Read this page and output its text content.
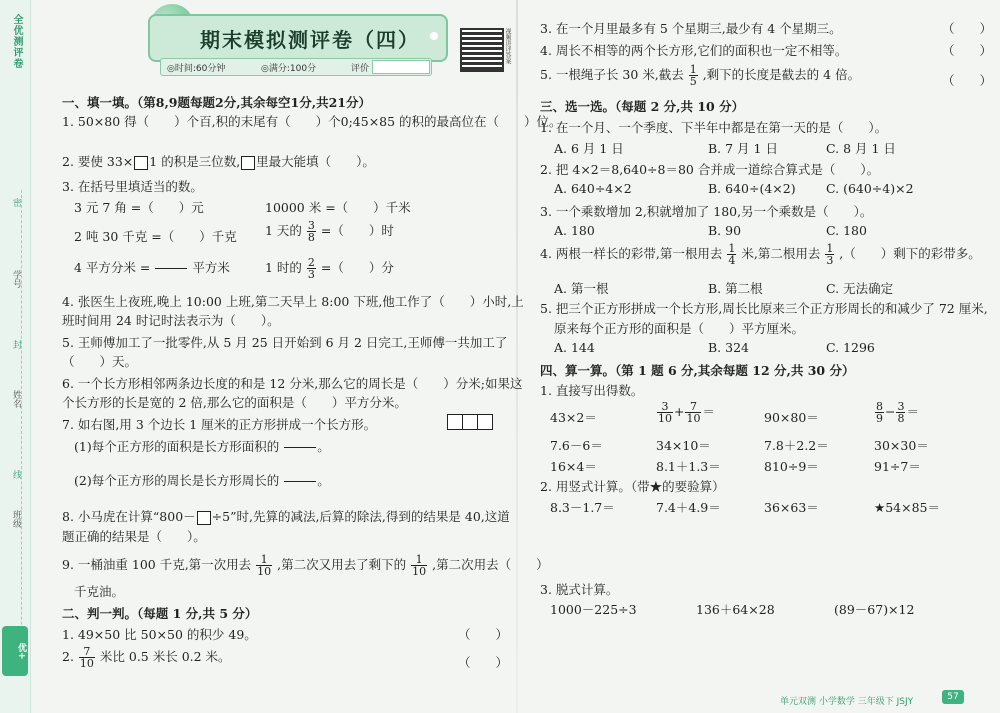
全优测评卷
学号
姓名
班级
密
封
线
优+
期末模拟测评卷（四）
◎时间:60分钟	◎满分:100分	评价
视频讲评答案
一、填一填。（第8,9题每题2分,其余每空1分,共21分）
1. 50×80 得（　　）个百,积的末尾有（　　）个0;45×85 的积的最高位在（　　）位。
2. 要使 33× 1 的积是三位数, 里最大能填（　　）。
3. 在括号里填适当的数。
3 元 7 角 =（　　）元	10000 米 =（　　）千米
2 吨 30 千克 =（　　）千克 1 天的 $\frac{3}{8}$ =（　　）时
4 平方分米 =	平方米	1 时的 $\frac{2}{3}$ =（　　）分
4. 张医生上夜班,晚上 10:00 上班,第二天早上 8:00 下班,他工作了（　　）小时,上
班时间用 24 时记时法表示为（　　）。
5. 王师傅加工了一批零件,从 5 月 25 日开始到 6 月 2 日完工,王师傅一共加工了
（　　）天。
6. 一个长方形相邻两条边长度的和是 12 分米,那么它的周长是（　　）分米;如果这
个长方形的长是宽的 2 倍,那么它的面积是（　　）平方分米。
7. 如右图,用 3 个边长 1 厘米的正方形拼成一个长方形。
(1)每个正方形的面积是长方形面积的	。
(2)每个正方形的周长是长方形周长的	。
8. 小马虎在计算“800－ ÷5”时,先算的减法,后算的除法,得到的结果是 40,这道
题正确的结果是（　　）。
9. 一桶油重 100 千克,第一次用去 $\frac{1}{10}$ ,第二次又用去了剩下的 $\frac{1}{10}$ ,第二次用去（　　）
千克油。
二、判一判。（每题 1 分,共 5 分）
1. 49×50 比 50×50 的积少 49。	（　　）
2. $\frac{7}{10}$ 米比 0.5 米长 0.2 米。	（　　）
3. 在一个月里最多有 5 个星期三,最少有 4 个星期三。	（　　）
4. 周长不相等的两个长方形,它们的面积也一定不相等。	（　　）
5. 一根绳子长 30 米,截去 $\frac{1}{5}$ ,剩下的长度是截去的 4 倍。	（　　）
三、选一选。（每题 2 分,共 10 分）
1. 在一个月、一个季度、下半年中都是在第一天的是（　　）。
A. 6 月 1 日	B. 7 月 1 日	C. 8 月 1 日
2. 把 4×2＝8,640÷8＝80 合并成一道综合算式是（　　）。
A. 640÷4×2	B. 640÷(4×2) C. (640÷4)×2
3. 一个乘数增加 2,积就增加了 180,另一个乘数是（　　）。
A. 180	B. 90	C. 180
4. 两根一样长的彩带,第一根用去 $\frac{1}{4}$ 米,第二根用去 $\frac{1}{3}$ ,（　　）剩下的彩带多。
A. 第一根	B. 第二根	C. 无法确定
5. 把三个正方形拼成一个长方形,周长比原来三个正方形周长的和减少了 72 厘米,
原来每个正方形的面积是（　　）平方厘米。
A. 144	B. 324	C. 1296
四、算一算。（第 1 题 6 分,其余每题 12 分,共 30 分）
1. 直接写出得数。
43×2＝	$\frac{3}{10} + \frac{7}{10}$ ＝	90×80＝	$\frac{8}{9} - \frac{3}{8}$ ＝
7.6－6＝	34×10＝	7.8＋2.2＝	30×30＝
16×4＝	8.1＋1.3＝	810÷9＝	91÷7＝
2. 用竖式计算。（带★的要验算）
8.3－1.7＝	7.4＋4.9＝	36×63＝	★54×85＝
3. 脱式计算。
1000－225÷3	136＋64×28	(89－67)×12
单元双测 小学数学 三年级下 JSJY	57
